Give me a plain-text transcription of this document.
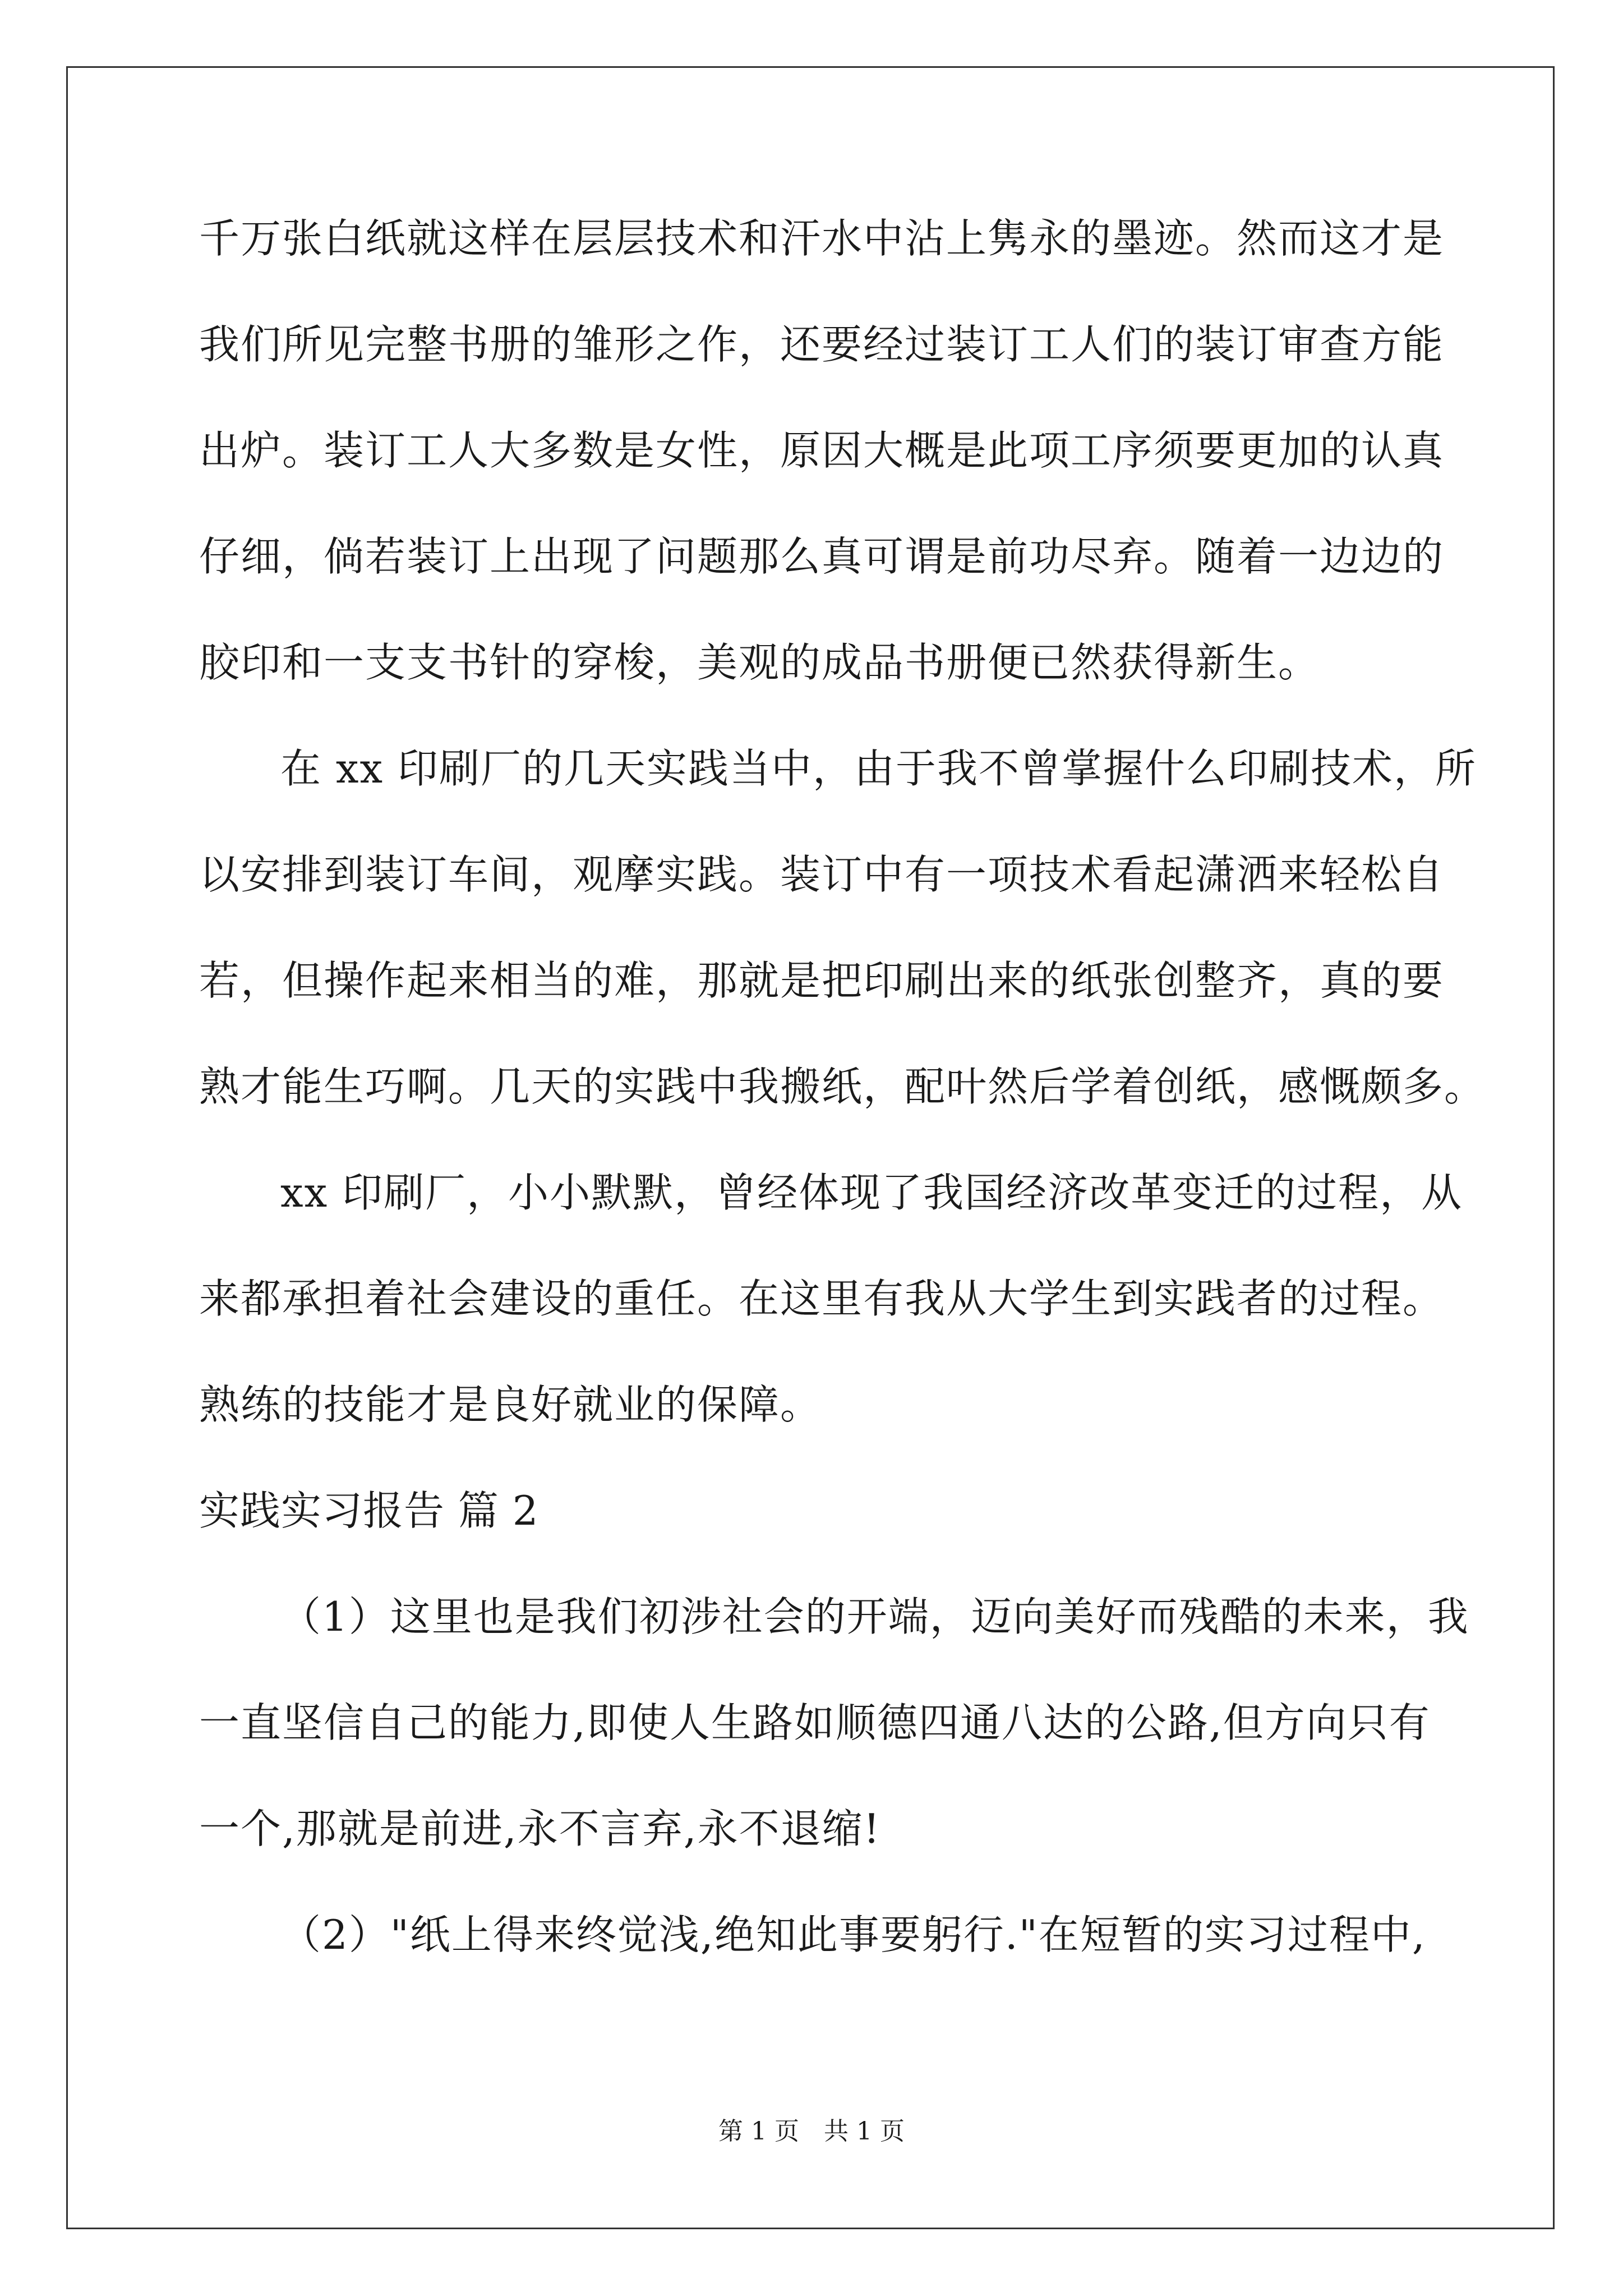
千万张白纸就这样在层层技术和汗水中沾上隽永的墨迹。然而这才是
我们所见完整书册的雏形之作，还要经过装订工人们的装订审查方能
出炉。装订工人大多数是女性，原因大概是此项工序须要更加的认真
仔细，倘若装订上出现了问题那么真可谓是前功尽弃。随着一边边的
胶印和一支支书针的穿梭，美观的成品书册便已然获得新生。
在 xx 印刷厂的几天实践当中，由于我不曾掌握什么印刷技术，所
以安排到装订车间，观摩实践。装订中有一项技术看起潇洒来轻松自
若，但操作起来相当的难，那就是把印刷出来的纸张创整齐，真的要
熟才能生巧啊。几天的实践中我搬纸，配叶然后学着创纸，感慨颇多。
xx 印刷厂，小小默默，曾经体现了我国经济改革变迁的过程，从
来都承担着社会建设的重任。在这里有我从大学生到实践者的过程。
熟练的技能才是良好就业的保障。
实践实习报告 篇 2
（1）这里也是我们初涉社会的开端，迈向美好而残酷的未来，我
一直坚信自己的能力,即使人生路如顺德四通八达的公路,但方向只有
一个,那就是前进,永不言弃,永不退缩!
（2）"纸上得来终觉浅,绝知此事要躬行."在短暂的实习过程中,
第 1 页　共 1 页
